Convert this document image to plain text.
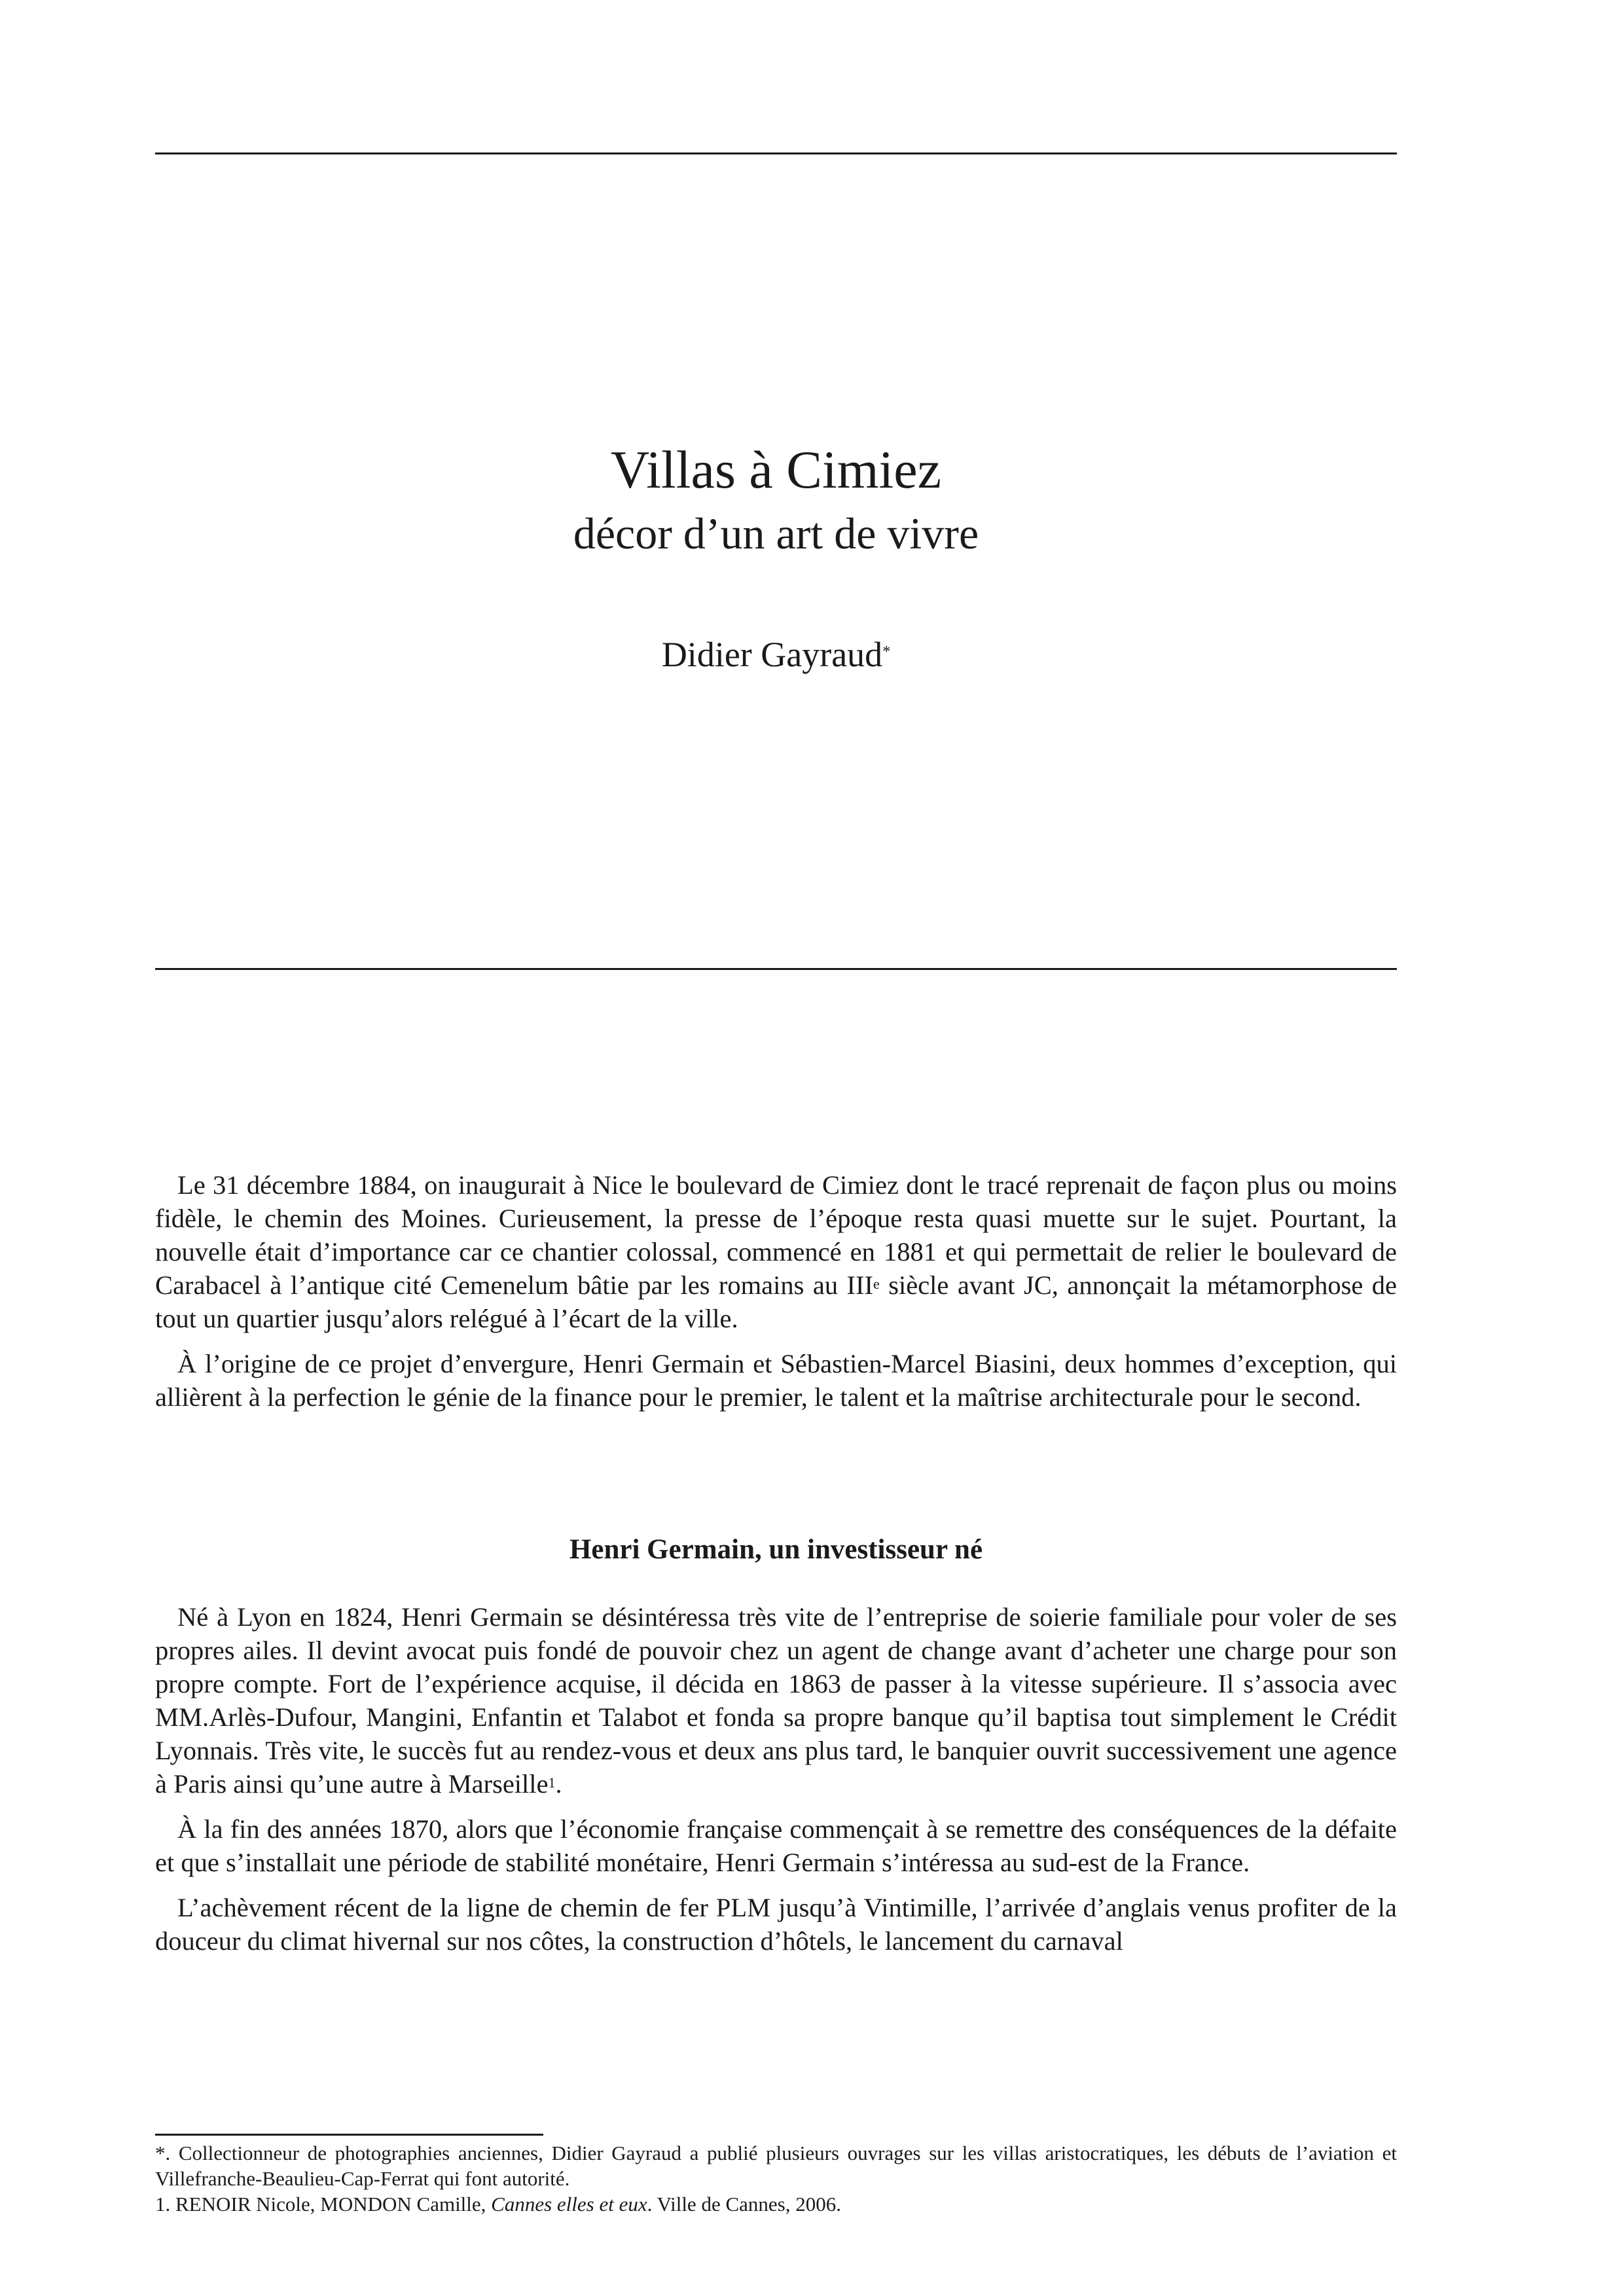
Villas à Cimiez
décor d’un art de vivre
Didier Gayraud*

Le 31 décembre 1884, on inaugurait à Nice le boulevard de Cimiez dont le tracé reprenait de façon plus ou moins fidèle, le chemin des Moines. Curieusement, la presse de l’époque resta quasi muette sur le sujet. Pourtant, la nouvelle était d’importance car ce chantier colossal, commencé en 1881 et qui permettait de relier le boulevard de Carabacel à l’antique cité Cemenelum bâtie par les romains au IIIe siècle avant JC, annonçait la métamorphose de tout un quartier jusqu’alors relégué à l’écart de la ville.

À l’origine de ce projet d’envergure, Henri Germain et Sébastien-Marcel Biasini, deux hommes d’exception, qui allièrent à la perfection le génie de la finance pour le premier, le talent et la maîtrise architecturale pour le second.

Henri Germain, un investisseur né

Né à Lyon en 1824, Henri Germain se désintéressa très vite de l’entreprise de soierie familiale pour voler de ses propres ailes. Il devint avocat puis fondé de pouvoir chez un agent de change avant d’acheter une charge pour son propre compte. Fort de l’expérience acquise, il décida en 1863 de passer à la vitesse supérieure. Il s’associa avec MM.Arlès-Dufour, Mangini, Enfantin et Talabot et fonda sa propre banque qu’il baptisa tout simplement le Crédit Lyonnais. Très vite, le succès fut au rendez-vous et deux ans plus tard, le banquier ouvrit successivement une agence à Paris ainsi qu’une autre à Marseille$^1$.

À la fin des années 1870, alors que l’économie française commençait à se remettre des conséquences de la défaite et que s’installait une période de stabilité monétaire, Henri Germain s’intéressa au sud-est de la France.

L’achèvement récent de la ligne de chemin de fer PLM jusqu’à Vintimille, l’arrivée d’anglais venus profiter de la douceur du climat hivernal sur nos côtes, la construction d’hôtels, le lancement du carnaval

*. Collectionneur de photographies anciennes, Didier Gayraud a publié plusieurs ouvrages sur les villas aristocratiques, les débuts de l’aviation et Villefranche-Beaulieu-Cap-Ferrat qui font autorité.
1. RENOIR Nicole, MONDON Camille, Cannes elles et eux. Ville de Cannes, 2006.
